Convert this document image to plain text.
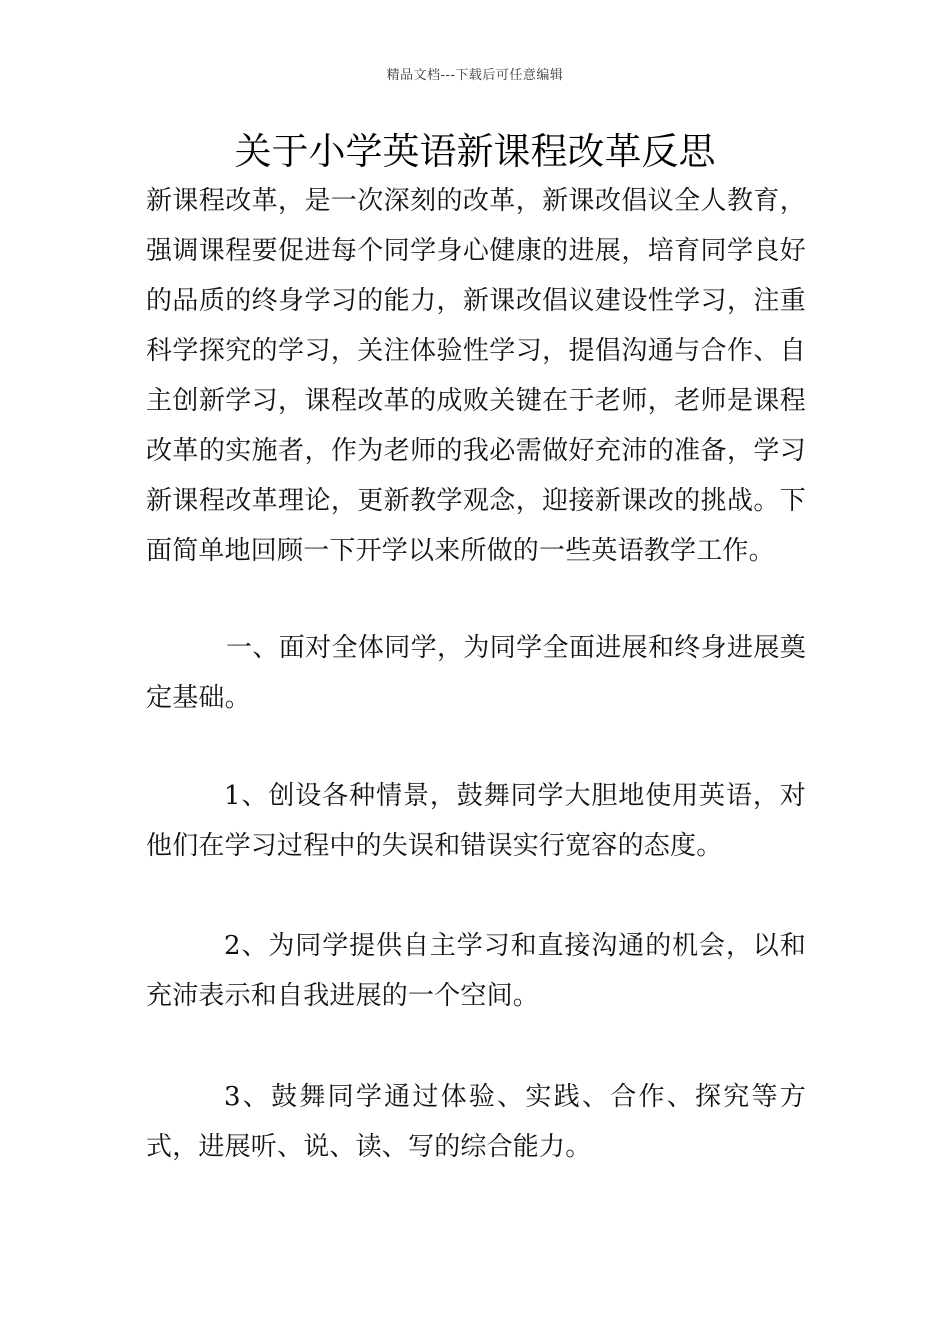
精品文档---下载后可任意编辑
关于小学英语新课程改革反思

新课程改革，是一次深刻的改革，新课改倡议全人教育，强调课程要促进每个同学身心健康的进展，培育同学良好的品质的终身学习的能力，新课改倡议建设性学习，注重科学探究的学习，关注体验性学习，提倡沟通与合作、自主创新学习，课程改革的成败关键在于老师，老师是课程改革的实施者，作为老师的我必需做好充沛的准备，学习新课程改革理论，更新教学观念，迎接新课改的挑战。下面简单地回顾一下开学以来所做的一些英语教学工作。

一、面对全体同学，为同学全面进展和终身进展奠定基础。

1、创设各种情景，鼓舞同学大胆地使用英语，对他们在学习过程中的失误和错误实行宽容的态度。

2、为同学提供自主学习和直接沟通的机会，以和充沛表示和自我进展的一个空间。

3、鼓舞同学通过体验、实践、合作、探究等方式，进展听、说、读、写的综合能力。
